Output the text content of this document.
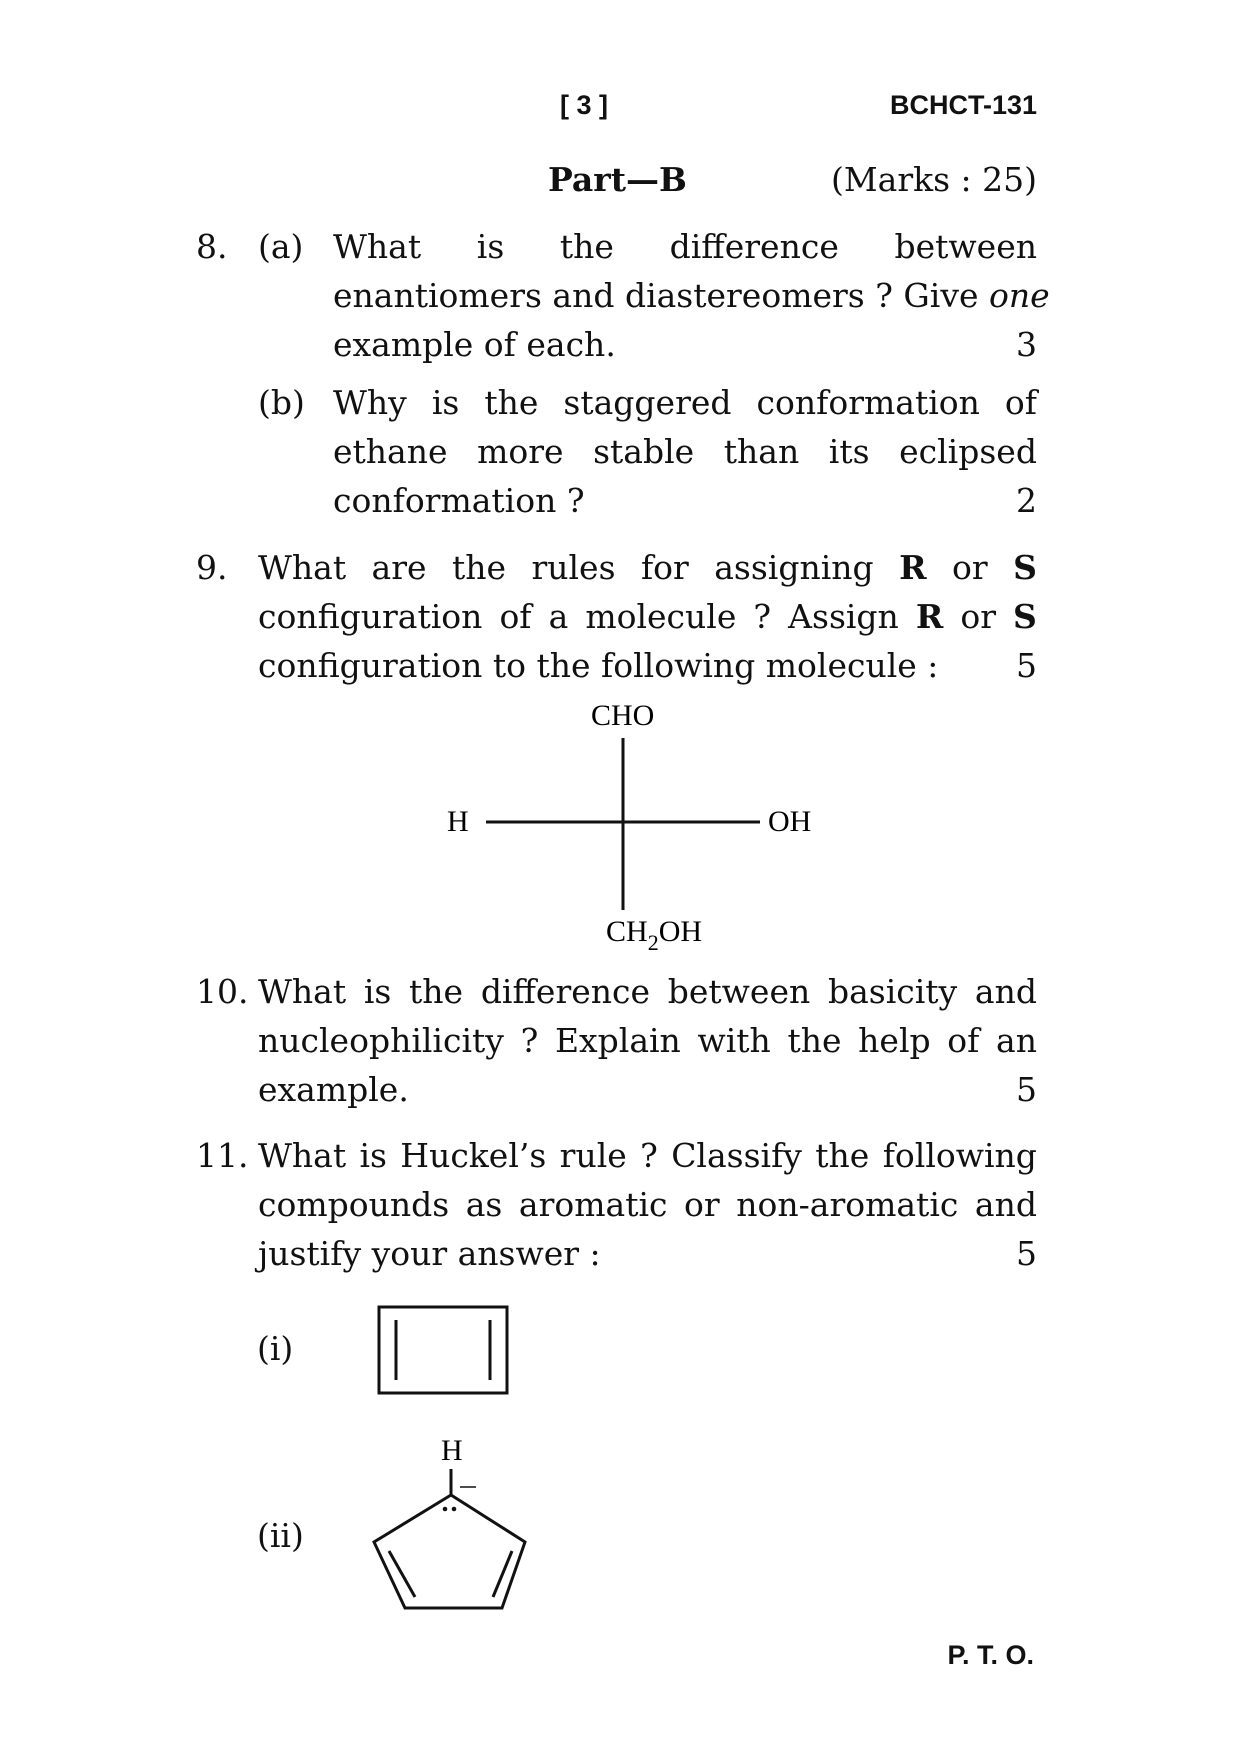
[ 3 ]	BCHCT-131
Part—B	(Marks : 25)
8. (a) What is the difference between
enantiomers and diastereomers ? Give one
example of each.	3
(b) Why is the staggered conformation of
ethane more stable than its eclipsed
conformation ?	2
9. What are the rules for assigning R or S
configuration of a molecule ? Assign R or S
configuration to the following molecule : 5
CHO
H	OH
$CH_2OH$
10. What is the difference between basicity and
nucleophilicity ? Explain with the help of an
example.	5
11. What is Huckel’s rule ? Classify the following
compounds as aromatic or non-aromatic and
justify your answer :	5
(i)
(ii)
H
P. T. O.
